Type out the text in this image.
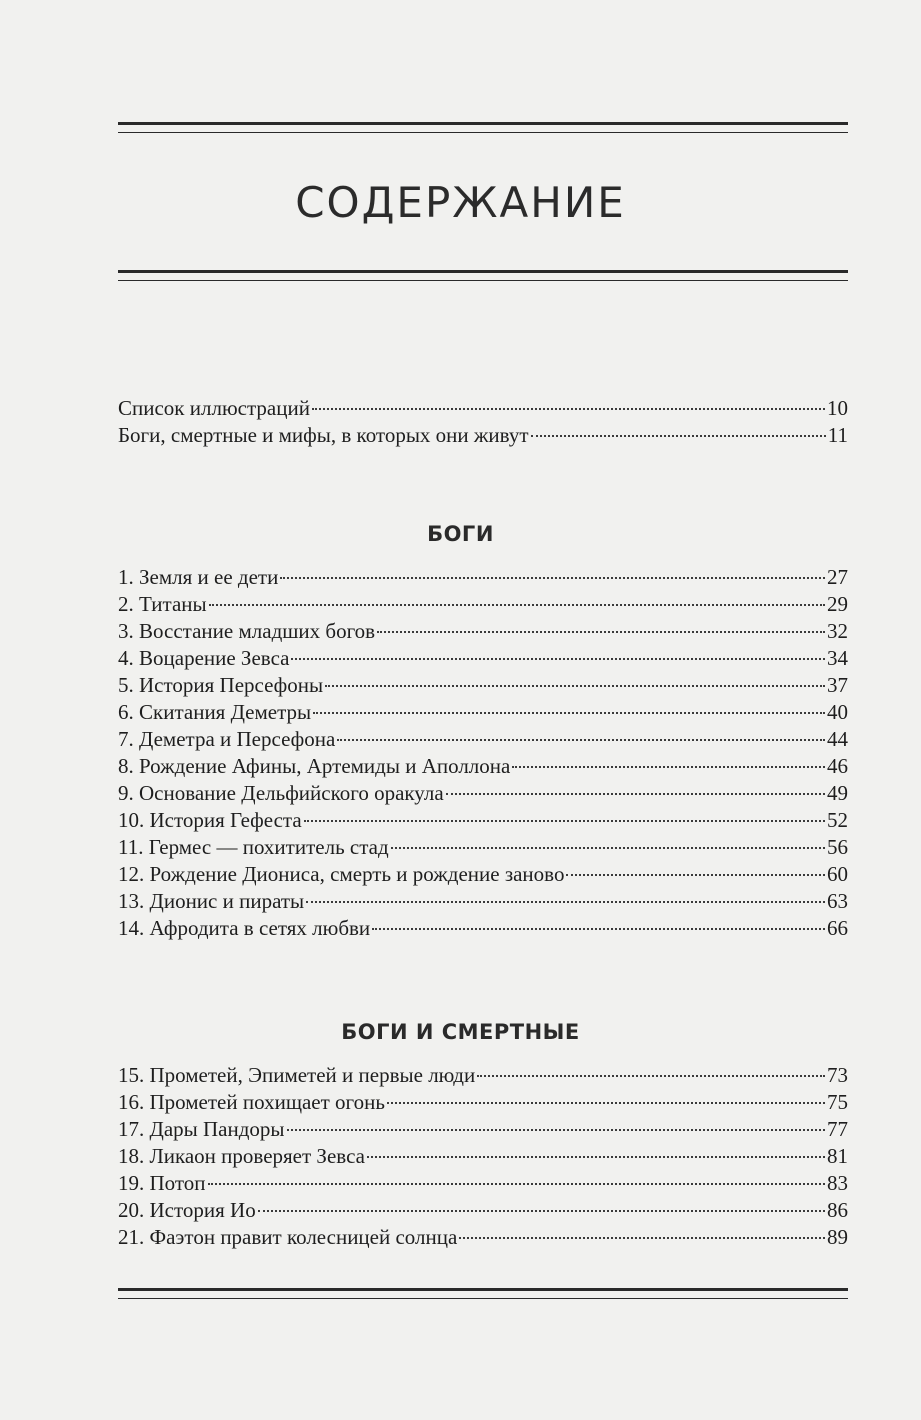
СОДЕРЖАНИЕ
Список иллюстраций	10
Боги, смертные и мифы, в которых они живут	11
БОГИ
1. Земля и ее дети	27
2. Титаны	29
3. Восстание младших богов	32
4. Воцарение Зевса	34
5. История Персефоны	37
6. Скитания Деметры	40
7. Деметра и Персефона	44
8. Рождение Афины, Артемиды и Аполлона	46
9. Основание Дельфийского оракула	49
10. История Гефеста	52
11. Гермес — похититель стад	56
12. Рождение Диониса, смерть и рождение заново	60
13. Дионис и пираты	63
14. Афродита в сетях любви	66
БОГИ И СМЕРТНЫЕ
15. Прометей, Эпиметей и первые люди	73
16. Прометей похищает огонь	75
17. Дары Пандоры	77
18. Ликаон проверяет Зевса	81
19. Потоп	83
20. История Ио	86
21. Фаэтон правит колесницей солнца	89
